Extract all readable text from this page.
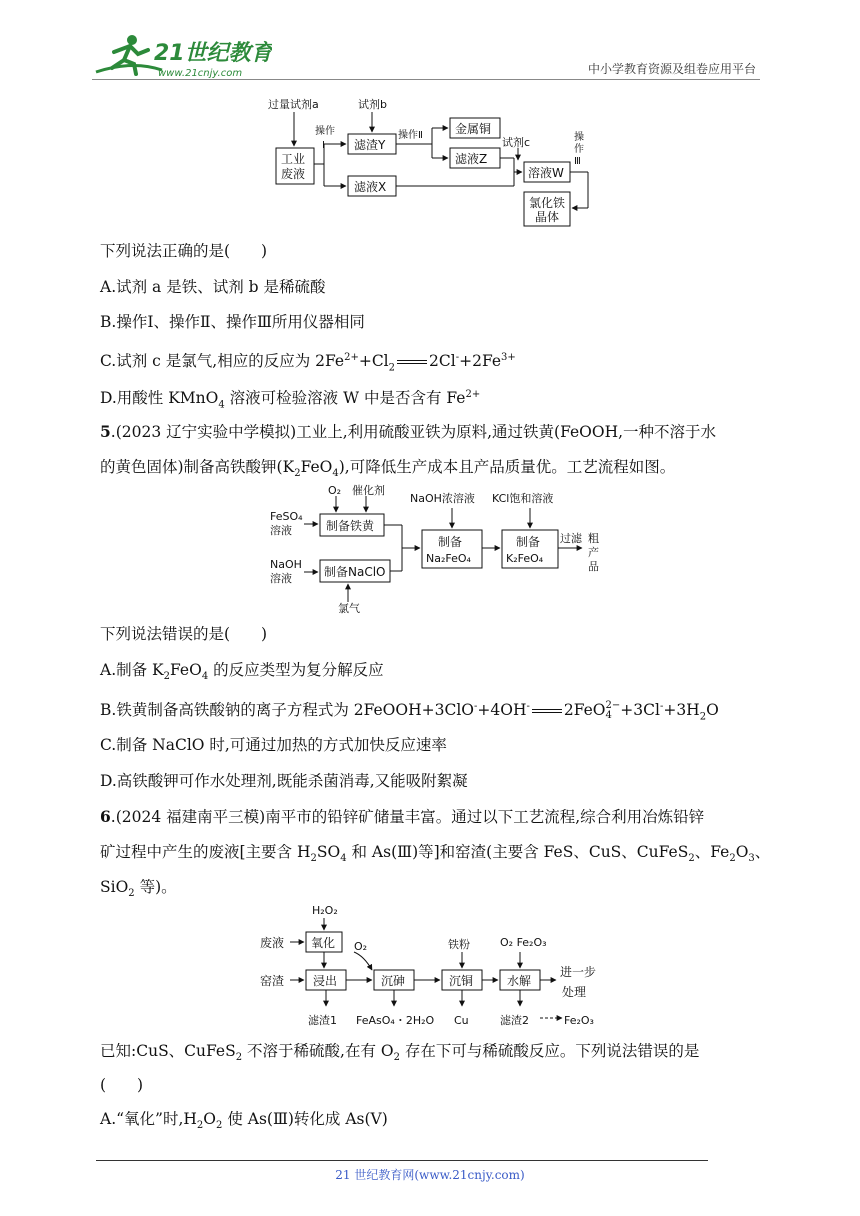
21世纪教育
www.21cnjy.com	中小学教育资源及组卷应用平台
过量试剂a
操作
Ⅰ
工业
废液
试剂b
滤渣Y
滤液X
操作Ⅱ	金属铜
滤液Z
试剂c
溶液W
操
作
Ⅲ
氯化铁
晶体
下列说法正确的是(　　)
A.试剂 a 是铁、试剂 b 是稀硫酸
B.操作Ⅰ、操作Ⅱ、操作Ⅲ所用仪器相同
C.试剂 c 是氯气,相应的反应为 $2Fe^{2+}+Cl_2$ $2Cl^-+2Fe^{3+}$
D.用酸性 KMnO$_4$ 溶液可检验溶液 W 中是否含有 $Fe^{2+}$
5.(2023 辽宁实验中学模拟)工业上,利用硫酸亚铁为原料,通过铁黄(FeOOH,一种不溶于水
的黄色固体)制备高铁酸钾$(K_2FeO_4)$,可降低生产成本且产品质量优。工艺流程如图。
FeSO₄
溶液
O₂ 催化剂
制备铁黄
NaOH
溶液	制备NaClO
氯气
NaOH浓溶液 KCl饱和溶液
制备
Na₂FeO₄
制备
K₂FeO₄
过滤 粗
产
品
下列说法错误的是(　　)
A.制备 $K_2FeO_4$ 的反应类型为复分解反应
B.铁黄制备高铁酸钠的离子方程式为 2FeOOH+3ClO-+4OH- 2FeO 2−
$4 +3Cl^-+3H_2O$
C.制备 NaClO 时,可通过加热的方式加快反应速率
D.高铁酸钾可作水处理剂,既能杀菌消毒,又能吸附絮凝
6.(2024 福建南平三模)南平市的铅锌矿储量丰富。通过以下工艺流程,综合利用冶炼铅锌
矿过程中产生的废液[主要含 $H_2SO_4$ 和 As(Ⅲ)等]和窑渣(主要含 FeS、CuS、CuFeS$_2$、$Fe_2O_3$、
SiO$_2$ 等)。
H₂O₂
废液 氧化 O₂
窑渣 浸出	沉砷
铁粉
沉铜
O₂ Fe₂O₃
水解
进一步
处理
滤渣1 FeAsO₄・2H₂O Cu	滤渣2	Fe₂O₃
已知:CuS、CuFeS$_2$ 不溶于稀硫酸,在有 $O_2$ 存在下可与稀硫酸反应。下列说法错误的是
(　　)
A.“氧化”时$,H_2O_2$ 使 As(Ⅲ)转化成 As(Ⅴ)
21 世纪教育网(www.21cnjy.com)
